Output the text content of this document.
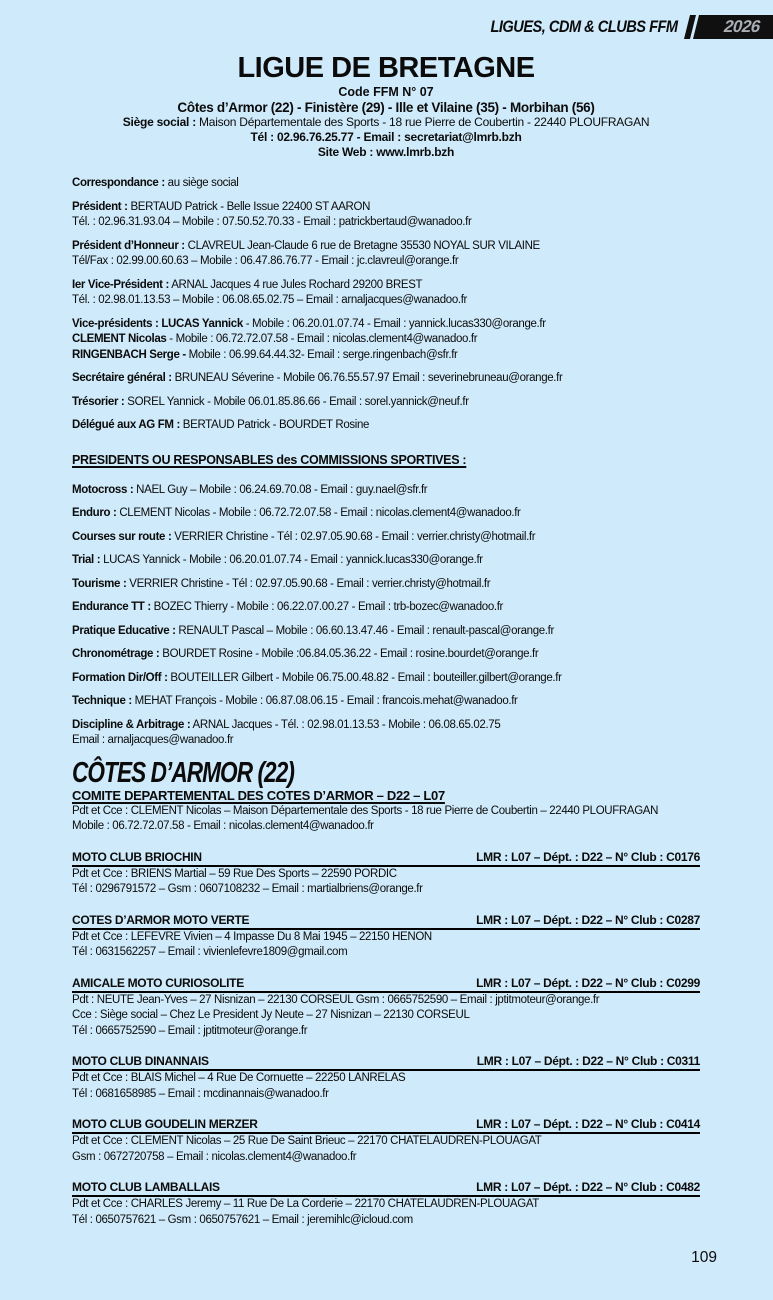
LIGUES, CDM & CLUBS FFM	2026
LIGUE DE BRETAGNE
Code FFM N° 07
Côtes d’Armor (22) - Finistère (29) - Ille et Vilaine (35) - Morbihan (56)
Siège social : Maison Départementale des Sports - 18 rue Pierre de Coubertin - 22440 PLOUFRAGAN
Tél : 02.96.76.25.77 - Email : secretariat@lmrb.bzh
Site Web : www.lmrb.bzh
Correspondance : au siège social
Président : BERTAUD Patrick - Belle Issue 22400 ST AARON
Tél. : 02.96.31.93.04 – Mobile : 07.50.52.70.33 - Email : patrickbertaud@wanadoo.fr
Président d’Honneur : CLAVREUL Jean-Claude 6 rue de Bretagne 35530 NOYAL SUR VILAINE
Tél/Fax : 02.99.00.60.63 – Mobile : 06.47.86.76.77 - Email : jc.clavreul@orange.fr
Ier Vice-Président : ARNAL Jacques 4 rue Jules Rochard 29200 BREST
Tél. : 02.98.01.13.53 – Mobile : 06.08.65.02.75 – Email : arnaljacques@wanadoo.fr
Vice-présidents : LUCAS Yannick - Mobile : 06.20.01.07.74 - Email : yannick.lucas330@orange.fr
CLEMENT Nicolas - Mobile : 06.72.72.07.58 - Email : nicolas.clement4@wanadoo.fr
RINGENBACH Serge - Mobile : 06.99.64.44.32- Email : serge.ringenbach@sfr.fr
Secrétaire général : BRUNEAU Séverine - Mobile 06.76.55.57.97 Email : severinebruneau@orange.fr
Trésorier : SOREL Yannick - Mobile 06.01.85.86.66 - Email : sorel.yannick@neuf.fr
Délégué aux AG FM : BERTAUD Patrick - BOURDET Rosine
PRESIDENTS OU RESPONSABLES des COMMISSIONS SPORTIVES :
Motocross : NAEL Guy – Mobile : 06.24.69.70.08 - Email : guy.nael@sfr.fr
Enduro : CLEMENT Nicolas - Mobile : 06.72.72.07.58 - Email : nicolas.clement4@wanadoo.fr
Courses sur route : VERRIER Christine - Tél : 02.97.05.90.68 - Email : verrier.christy@hotmail.fr
Trial : LUCAS Yannick - Mobile : 06.20.01.07.74 - Email : yannick.lucas330@orange.fr
Tourisme : VERRIER Christine - Tél : 02.97.05.90.68 - Email : verrier.christy@hotmail.fr
Endurance TT : BOZEC Thierry - Mobile : 06.22.07.00.27 - Email : trb-bozec@wanadoo.fr
Pratique Educative : RENAULT Pascal – Mobile : 06.60.13.47.46 - Email : renault-pascal@orange.fr
Chronométrage : BOURDET Rosine - Mobile :06.84.05.36.22 - Email : rosine.bourdet@orange.fr
Formation Dir/Off : BOUTEILLER Gilbert - Mobile 06.75.00.48.82 - Email : bouteiller.gilbert@orange.fr
Technique : MEHAT François - Mobile : 06.87.08.06.15 - Email : francois.mehat@wanadoo.fr
Discipline & Arbitrage : ARNAL Jacques - Tél. : 02.98.01.13.53 - Mobile : 06.08.65.02.75
Email : arnaljacques@wanadoo.fr
CÔTES D’ARMOR (22)
COMITE DEPARTEMENTAL DES COTES D’ARMOR – D22 – L07
Pdt et Cce : CLEMENT Nicolas – Maison Départementale des Sports - 18 rue Pierre de Coubertin – 22440 PLOUFRAGAN
Mobile : 06.72.72.07.58 - Email : nicolas.clement4@wanadoo.fr
MOTO CLUB BRIOCHIN	LMR : L07 – Dépt. : D22 – N° Club : C0176
Pdt et Cce : BRIENS Martial – 59 Rue Des Sports – 22590 PORDIC
Tél : 0296791572 – Gsm : 0607108232 – Email : martialbriens@orange.fr
COTES D’ARMOR MOTO VERTE	LMR : L07 – Dépt. : D22 – N° Club : C0287
Pdt et Cce : LEFEVRE Vivien – 4 Impasse Du 8 Mai 1945 – 22150 HENON
Tél : 0631562257 – Email : vivienlefevre1809@gmail.com
AMICALE MOTO CURIOSOLITE	LMR : L07 – Dépt. : D22 – N° Club : C0299
Pdt : NEUTE Jean-Yves – 27 Nisnizan – 22130 CORSEUL Gsm : 0665752590 – Email : jptitmoteur@orange.fr
Cce : Siège social – Chez Le President Jy Neute – 27 Nisnizan – 22130 CORSEUL
Tél : 0665752590 – Email : jptitmoteur@orange.fr
MOTO CLUB DINANNAIS	LMR : L07 – Dépt. : D22 – N° Club : C0311
Pdt et Cce : BLAIS Michel – 4 Rue De Cornuette – 22250 LANRELAS
Tél : 0681658985 – Email : mcdinannais@wanadoo.fr
MOTO CLUB GOUDELIN MERZER	LMR : L07 – Dépt. : D22 – N° Club : C0414
Pdt et Cce : CLEMENT Nicolas – 25 Rue De Saint Brieuc – 22170 CHATELAUDREN-PLOUAGAT
Gsm : 0672720758 – Email : nicolas.clement4@wanadoo.fr
MOTO CLUB LAMBALLAIS	LMR : L07 – Dépt. : D22 – N° Club : C0482
Pdt et Cce : CHARLES Jeremy – 11 Rue De La Corderie – 22170 CHATELAUDREN-PLOUAGAT
Tél : 0650757621 – Gsm : 0650757621 – Email : jeremihlc@icloud.com
109
